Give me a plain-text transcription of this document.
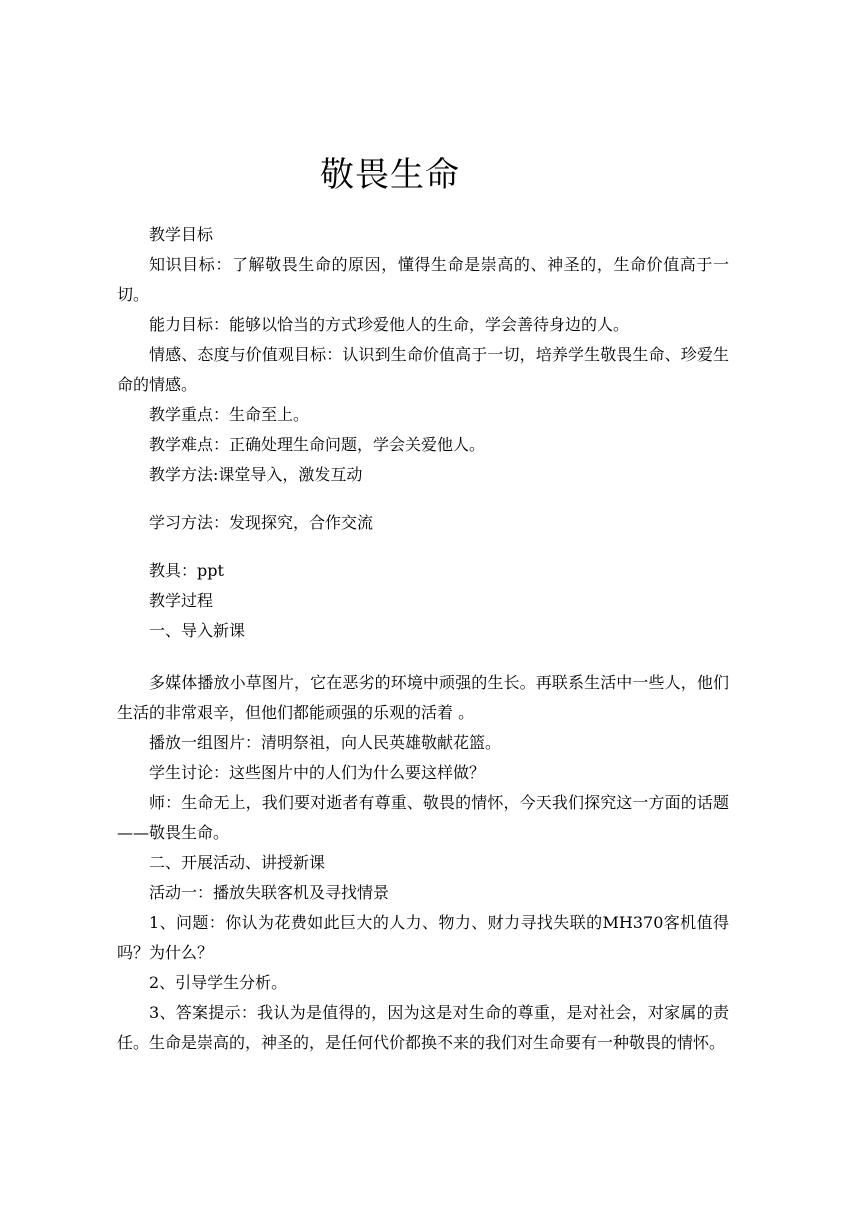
敬畏生命

教学目标

知识目标：了解敬畏生命的原因，懂得生命是崇高的、神圣的，生命价值高于一切。

能力目标：能够以恰当的方式珍爱他人的生命，学会善待身边的人。

情感、态度与价值观目标：认识到生命价值高于一切，培养学生敬畏生命、珍爱生命的情感。

教学重点：生命至上。

教学难点：正确处理生命问题，学会关爱他人。

教学方法:课堂导入，激发互动

学习方法：发现探究，合作交流

教具：ppt

教学过程

一、导入新课

多媒体播放小草图片，它在恶劣的环境中顽强的生长。再联系生活中一些人，他们生活的非常艰辛，但他们都能顽强的乐观的活着 。

播放一组图片：清明祭祖，向人民英雄敬献花篮。

学生讨论：这些图片中的人们为什么要这样做？

师：生命无上，我们要对逝者有尊重、敬畏的情怀，今天我们探究这一方面的话题——敬畏生命。

二、开展活动、讲授新课

活动一：播放失联客机及寻找情景

1、问题：你认为花费如此巨大的人力、物力、财力寻找失联的MH370客机值得吗？为什么？

2、引导学生分析。

3、答案提示：我认为是值得的，因为这是对生命的尊重，是对社会，对家属的责任。生命是崇高的，神圣的，是任何代价都换不来的我们对生命要有一种敬畏的情怀。
